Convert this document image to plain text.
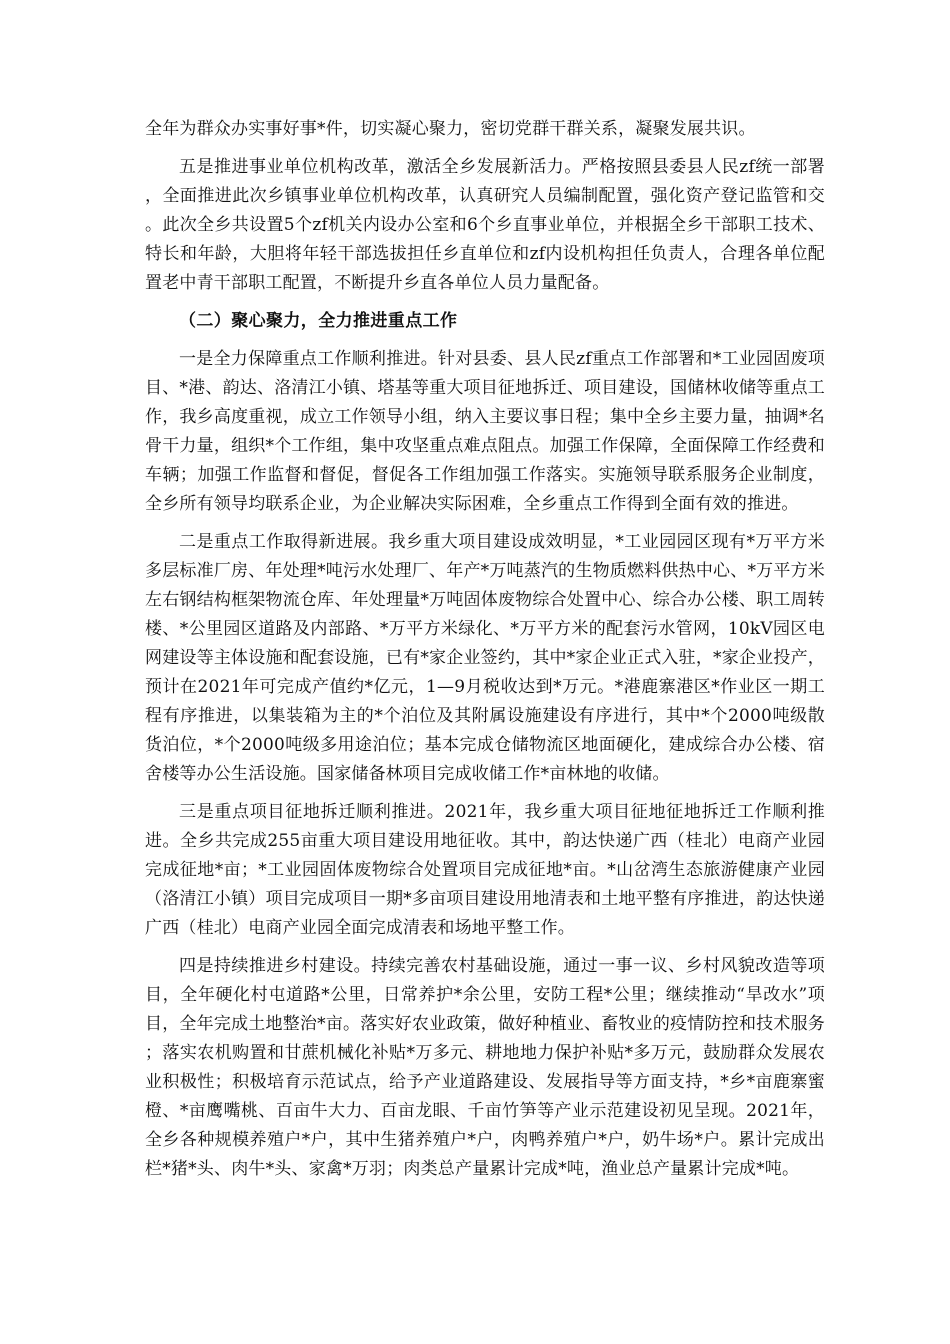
全年为群众办实事好事*件，切实凝心聚力，密切党群干群关系，凝聚发展共识。

五是推进事业单位机构改革，激活全乡发展新活力。严格按照县委县人民zf统一部署，全面推进此次乡镇事业单位机构改革，认真研究人员编制配置，强化资产登记监管和交。此次全乡共设置5个zf机关内设办公室和6个乡直事业单位，并根据全乡干部职工技术、特长和年龄，大胆将年轻干部选拔担任乡直单位和zf内设机构担任负责人，合理各单位配置老中青干部职工配置，不断提升乡直各单位人员力量配备。

（二）聚心聚力，全力推进重点工作

一是全力保障重点工作顺利推进。针对县委、县人民zf重点工作部署和*工业园固废项目、*港、韵达、洛清江小镇、塔基等重大项目征地拆迁、项目建设，国储林收储等重点工作，我乡高度重视，成立工作领导小组，纳入主要议事日程；集中全乡主要力量，抽调*名骨干力量，组织*个工作组，集中攻坚重点难点阻点。加强工作保障，全面保障工作经费和车辆；加强工作监督和督促，督促各工作组加强工作落实。实施领导联系服务企业制度，全乡所有领导均联系企业，为企业解决实际困难，全乡重点工作得到全面有效的推进。

二是重点工作取得新进展。我乡重大项目建设成效明显，*工业园园区现有*万平方米多层标准厂房、年处理*吨污水处理厂、年产*万吨蒸汽的生物质燃料供热中心、*万平方米左右钢结构框架物流仓库、年处理量*万吨固体废物综合处置中心、综合办公楼、职工周转楼、*公里园区道路及内部路、*万平方米绿化、*万平方米的配套污水管网，10kV园区电网建设等主体设施和配套设施，已有*家企业签约，其中*家企业正式入驻，*家企业投产，预计在2021年可完成产值约*亿元，1—9月税收达到*万元。*港鹿寨港区*作业区一期工程有序推进，以集装箱为主的*个泊位及其附属设施建设有序进行，其中*个2000吨级散货泊位，*个2000吨级多用途泊位；基本完成仓储物流区地面硬化，建成综合办公楼、宿舍楼等办公生活设施。国家储备林项目完成收储工作*亩林地的收储。

三是重点项目征地拆迁顺利推进。2021年，我乡重大项目征地征地拆迁工作顺利推进。全乡共完成255亩重大项目建设用地征收。其中，韵达快递广西（桂北）电商产业园完成征地*亩；*工业园固体废物综合处置项目完成征地*亩。*山岔湾生态旅游健康产业园（洛清江小镇）项目完成项目一期*多亩项目建设用地清表和土地平整有序推进，韵达快递广西（桂北）电商产业园全面完成清表和场地平整工作。

四是持续推进乡村建设。持续完善农村基础设施，通过一事一议、乡村风貌改造等项目，全年硬化村屯道路*公里，日常养护*余公里，安防工程*公里；继续推动“旱改水”项目，全年完成土地整治*亩。落实好农业政策，做好种植业、畜牧业的疫情防控和技术服务；落实农机购置和甘蔗机械化补贴*万多元、耕地地力保护补贴*多万元，鼓励群众发展农业积极性；积极培育示范试点，给予产业道路建设、发展指导等方面支持，*乡*亩鹿寨蜜橙、*亩鹰嘴桃、百亩牛大力、百亩龙眼、千亩竹笋等产业示范建设初见呈现。2021年，全乡各种规模养殖户*户，其中生猪养殖户*户，肉鸭养殖户*户，奶牛场*户。累计完成出栏*猪*头、肉牛*头、家禽*万羽；肉类总产量累计完成*吨，渔业总产量累计完成*吨。
